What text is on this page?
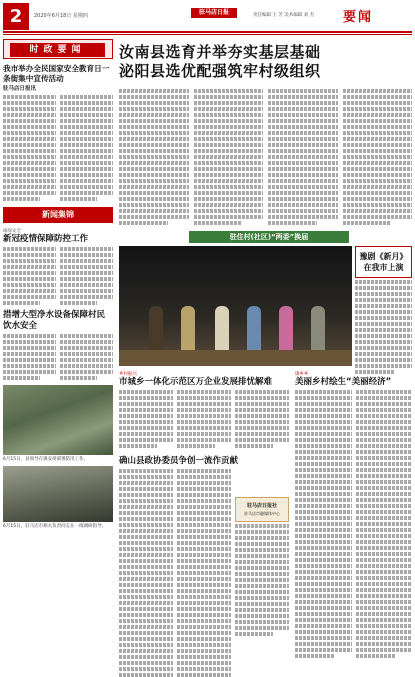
2	2020年6月18日 星期四	驻马店日报	责任编辑 王 芳 美术编辑 刘 杰 要闻
时政要闻
我市举办全民国家安全教育日一条街集中宣传活动
驻马店日报讯
新闻集锦
确保安全
新冠疫情保障防控工作
措增大型净水设备保障村民饮水安全
6月15日，县领导在镇安排部署防汛工作。
6月15日，驻马店市相关负责同志在一线调研指导。
汝南县选育并举夯实基层基础
泌阳县选优配强筑牢村级组织
驻住村(社区)“两委”换届
豫剧《新月》在我市上演
乡村振兴
市城乡一体化示范区万企业发展排忧解难
确山县政协委员争创一流作贡献
驻马店日报社
驻马店市融媒体中心
镇乡乡
美丽乡村绘生“美丽经济”
